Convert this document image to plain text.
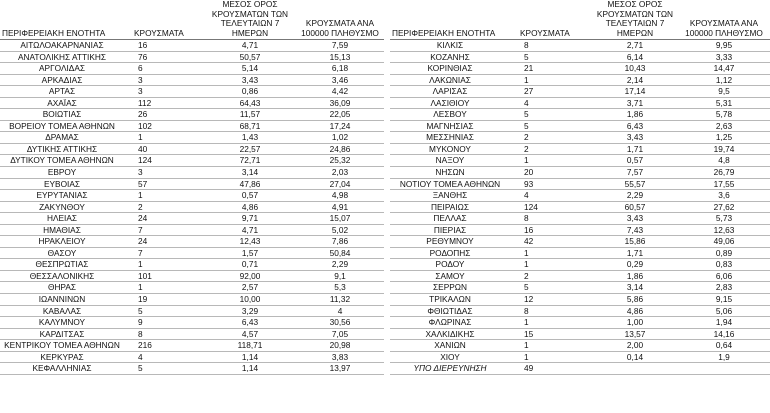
ΠΕΡΙΦΕΡΕΙΑΚΗ ΕΝΟΤΗΤΑ	ΚΡΟΥΣΜΑΤΑ	ΜΕΣΟΣ ΟΡΟΣ ΚΡΟΥΣΜΑΤΩΝ ΤΩΝ ΤΕΛΕΥΤΑΙΩΝ 7 ΗΜΕΡΩΝ	ΚΡΟΥΣΜΑΤΑ ΑΝΑ 100000 ΠΛΗΘΥΣΜΟ
ΑΙΤΩΛΟΑΚΑΡΝΑΝΙΑΣ	16	4,71	7,59
ΑΝΑΤΟΛΙΚΗΣ ΑΤΤΙΚΗΣ	76	50,57	15,13
ΑΡΓΟΛΙΔΑΣ	6	5,14	6,18
ΑΡΚΑΔΙΑΣ	3	3,43	3,46
ΑΡΤΑΣ	3	0,86	4,42
ΑΧΑΪΑΣ	112	64,43	36,09
ΒΟΙΩΤΙΑΣ	26	11,57	22,05
ΒΟΡΕΙΟΥ ΤΟΜΕΑ ΑΘΗΝΩΝ	102	68,71	17,24
ΔΡΑΜΑΣ	1	1,43	1,02
ΔΥΤΙΚΗΣ ΑΤΤΙΚΗΣ	40	22,57	24,86
ΔΥΤΙΚΟΥ ΤΟΜΕΑ ΑΘΗΝΩΝ	124	72,71	25,32
ΕΒΡΟΥ	3	3,14	2,03
ΕΥΒΟΙΑΣ	57	47,86	27,04
ΕΥΡΥΤΑΝΙΑΣ	1	0,57	4,98
ΖΑΚΥΝΘΟΥ	2	4,86	4,91
ΗΛΕΙΑΣ	24	9,71	15,07
ΗΜΑΘΙΑΣ	7	4,71	5,02
ΗΡΑΚΛΕΙΟΥ	24	12,43	7,86
ΘΑΣΟΥ	7	1,57	50,84
ΘΕΣΠΡΩΤΙΑΣ	1	0,71	2,29
ΘΕΣΣΑΛΟΝΙΚΗΣ	101	92,00	9,1
ΘΗΡΑΣ	1	2,57	5,3
ΙΩΑΝΝΙΝΩΝ	19	10,00	11,32
ΚΑΒΑΛΑΣ	5	3,29	4
ΚΑΛΥΜΝΟΥ	9	6,43	30,56
ΚΑΡΔΙΤΣΑΣ	8	4,57	7,05
ΚΕΝΤΡΙΚΟΥ ΤΟΜΕΑ ΑΘΗΝΩΝ	216	118,71	20,98
ΚΕΡΚΥΡΑΣ	4	1,14	3,83
ΚΕΦΑΛΛΗΝΙΑΣ	5	1,14	13,97
ΠΕΡΙΦΕΡΕΙΑΚΗ ΕΝΟΤΗΤΑ	ΚΡΟΥΣΜΑΤΑ	ΜΕΣΟΣ ΟΡΟΣ ΚΡΟΥΣΜΑΤΩΝ ΤΩΝ ΤΕΛΕΥΤΑΙΩΝ 7 ΗΜΕΡΩΝ	ΚΡΟΥΣΜΑΤΑ ΑΝΑ 100000 ΠΛΗΘΥΣΜΟ
ΚΙΛΚΙΣ	8	2,71	9,95
ΚΟΖΑΝΗΣ	5	6,14	3,33
ΚΟΡΙΝΘΙΑΣ	21	10,43	14,47
ΛΑΚΩΝΙΑΣ	1	2,14	1,12
ΛΑΡΙΣΑΣ	27	17,14	9,5
ΛΑΣΙΘΙΟΥ	4	3,71	5,31
ΛΕΣΒΟΥ	5	1,86	5,78
ΜΑΓΝΗΣΙΑΣ	5	6,43	2,63
ΜΕΣΣΗΝΙΑΣ	2	3,43	1,25
ΜΥΚΟΝΟΥ	2	1,71	19,74
ΝΑΞΟΥ	1	0,57	4,8
ΝΗΣΩΝ	20	7,57	26,79
ΝΟΤΙΟΥ ΤΟΜΕΑ ΑΘΗΝΩΝ	93	55,57	17,55
ΞΑΝΘΗΣ	4	2,29	3,6
ΠΕΙΡΑΙΩΣ	124	60,57	27,62
ΠΕΛΛΑΣ	8	3,43	5,73
ΠΙΕΡΙΑΣ	16	7,43	12,63
ΡΕΘΥΜΝΟΥ	42	15,86	49,06
ΡΟΔΟΠΗΣ	1	1,71	0,89
ΡΟΔΟΥ	1	0,29	0,83
ΣΑΜΟΥ	2	1,86	6,06
ΣΕΡΡΩΝ	5	3,14	2,83
ΤΡΙΚΑΛΩΝ	12	5,86	9,15
ΦΘΙΩΤΙΔΑΣ	8	4,86	5,06
ΦΛΩΡΙΝΑΣ	1	1,00	1,94
ΧΑΛΚΙΔΙΚΗΣ	15	13,57	14,16
ΧΑΝΙΩΝ	1	2,00	0,64
ΧΙΟΥ	1	0,14	1,9
ΥΠΟ ΔΙΕΡΕΥΝΗΣΗ	49		
